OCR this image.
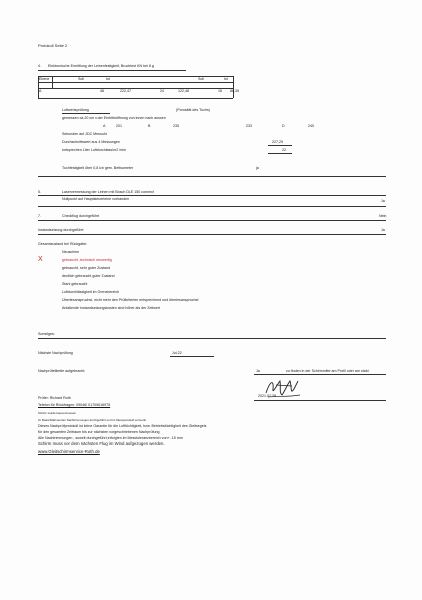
Protokoll Seite 2
4. Elektronische Ermittlung der Leinenfestigkeit, Bruchtest KN bei 8 g
Ebene	Soll	Ist	Soll	Ist
A	48	222,47	24	122,48	16 88,35
Luftwertsprüfung	(Porosität des Tuchs)
gemessen ca 20 cm v.der Eintrittsöffnung von innen nach aussen
A	201	B	235	233	D	240
Sekunden auf JDC Messuhr
Durchschnittswert aus 4 Messungen	227,25
entsprechen Liter Luftdurchlass/m2 /min	22
Tuchfestigkeit über 0,8 ich gem. Bettsometer	ja
5.	Laservermessung der Leinen mit Bosch DLE 150 connect
Nullpunkt auf Hauptsteuerleine vorhanden	Ja
7.	Checkflug durchgeführt	Nein
Instandsetzung durchgeführt	Ja
Gesamtzustand bei Rückgabe:
Neuschirm
X	gebraucht ,technisch neuwertig
gebraucht, sehr guter Zustand
deutlich gebraucht guter Zustand
Stark gebraucht
Luftdurchlässigkeit im Grenzbereich
Übertesanspruchst, nicht mehr den Prüfkriterien entsprechend und überlesanspruchst
Anfallende Instandsetzungskosten sind höher als der Zeitwert
Sonstiges:
Nächste Nachprüfung	Jul-22
Nachprüfetikette aufgebracht:	Ja	zu finden in der Schirmmitte am Profil oder am stabi
Prüfer: Richard Roth	2021.07.28
Telefon für Rückfragen: 09046/ 01709616975
Schirm wurde lasevermessen
Im Bedarfsfall wurden Nachtrimmungen durchgeführt und im Messprotokoll vermerkt
Dieses Nachprüfprotokoll ist keine Garantie für die Lufttüchtigkeit, bzw. Betriebstüchtigkeit des Gleitsegels
für den gesamten Zeitraum bis zur nächsten vorgeschriebenen Nachprüfung
Alle Nachtrimmungen , soweit durchgeführt,erfolgten im Messtoleranzbereich von+- 15 mm
Schirm muss vor dem nächsten Flug im Wind aufgezogen werden.
www.Gleitschirmservice-Roth.de
